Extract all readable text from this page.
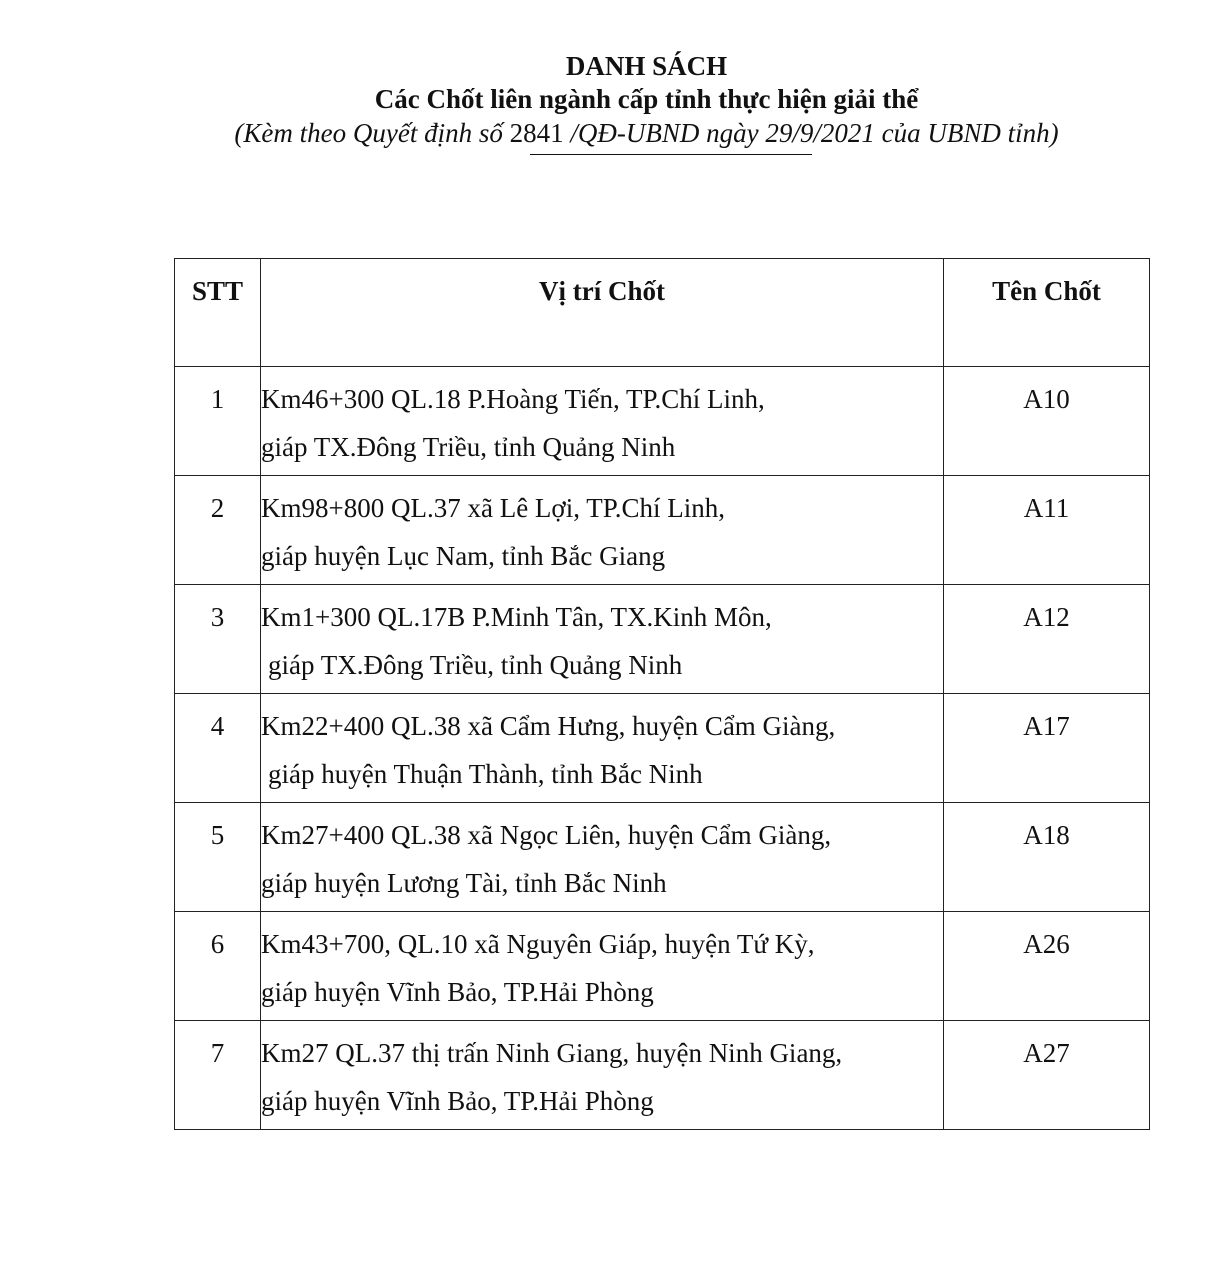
DANH SÁCH
Các Chốt liên ngành cấp tỉnh thực hiện giải thể
(Kèm theo Quyết định số 2841 /QĐ-UBND ngày 29/9/2021 của UBND tỉnh)
STT	Vị trí Chốt	Tên Chốt

1	Km46+300 QL.18 P.Hoàng Tiến, TP.Chí Linh,
giáp TX.Đông Triều, tỉnh Quảng Ninh	A10

2	Km98+800 QL.37 xã Lê Lợi, TP.Chí Linh,
giáp huyện Lục Nam, tỉnh Bắc Giang	A11

3	Km1+300 QL.17B P.Minh Tân, TX.Kinh Môn,
giáp TX.Đông Triều, tỉnh Quảng Ninh	A12

4	Km22+400 QL.38 xã Cẩm Hưng, huyện Cẩm Giàng,
giáp huyện Thuận Thành, tỉnh Bắc Ninh	A17

5	Km27+400 QL.38 xã Ngọc Liên, huyện Cẩm Giàng,
giáp huyện Lương Tài, tỉnh Bắc Ninh	A18

6	Km43+700, QL.10 xã Nguyên Giáp, huyện Tứ Kỳ,
giáp huyện Vĩnh Bảo, TP.Hải Phòng	A26

7	Km27 QL.37 thị trấn Ninh Giang, huyện Ninh Giang,
giáp huyện Vĩnh Bảo, TP.Hải Phòng	A27
